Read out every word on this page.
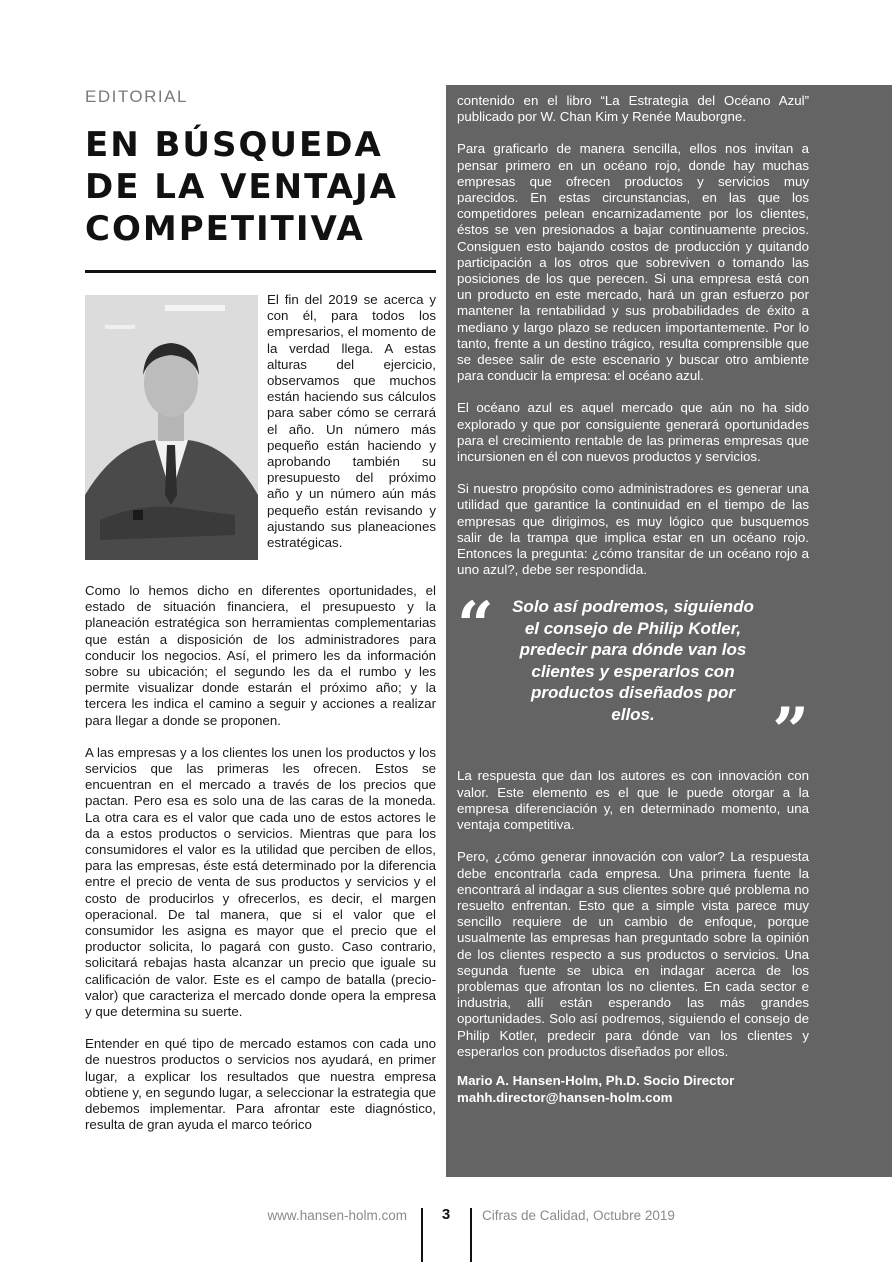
EDITORIAL
EN BÚSQUEDA
DE LA VENTAJA
COMPETITIVA

El fin del 2019 se acerca y con él, para todos los empresarios, el momento de la verdad llega. A estas alturas del ejercicio, observamos que muchos están haciendo sus cálculos para saber cómo se cerrará el año. Un número más pequeño están haciendo y aprobando también su presupuesto del próximo año y un número aún más pequeño están revisando y ajustando sus planeaciones estratégicas.

Como lo hemos dicho en diferentes oportunidades, el estado de situación financiera, el presupuesto y la planeación estratégica son herramientas complementarias que están a disposición de los administradores para conducir los negocios. Así, el primero les da información sobre su ubicación; el segundo les da el rumbo y les permite visualizar donde estarán el próximo año; y la tercera les indica el camino a seguir y acciones a realizar para llegar a donde se proponen.

A las empresas y a los clientes los unen los productos y los servicios que las primeras les ofrecen. Estos se encuentran en el mercado a través de los precios que pactan. Pero esa es solo una de las caras de la moneda. La otra cara es el valor que cada uno de estos actores le da a estos productos o servicios. Mientras que para los consumidores el valor es la utilidad que perciben de ellos, para las empresas, éste está determinado por la diferencia entre el precio de venta de sus productos y servicios y el costo de producirlos y ofrecerlos, es decir, el margen operacional. De tal manera, que si el valor que el consumidor les asigna es mayor que el precio que el productor solicita, lo pagará con gusto. Caso contrario, solicitará rebajas hasta alcanzar un precio que iguale su calificación de valor. Este es el campo de batalla (precio-valor) que caracteriza el mercado donde opera la empresa y que determina su suerte.

Entender en qué tipo de mercado estamos con cada uno de nuestros productos o servicios nos ayudará, en primer lugar, a explicar los resultados que nuestra empresa obtiene y, en segundo lugar, a seleccionar la estrategia que debemos implementar. Para afrontar este diagnóstico, resulta de gran ayuda el marco teórico

contenido en el libro “La Estrategia del Océano Azul” publicado por W. Chan Kim y Renée Mauborgne.

Para graficarlo de manera sencilla, ellos nos invitan a pensar primero en un océano rojo, donde hay muchas empresas que ofrecen productos y servicios muy parecidos. En estas circunstancias, en las que los competidores pelean encarnizadamente por los clientes, éstos se ven presionados a bajar continuamente precios. Consiguen esto bajando costos de producción y quitando participación a los otros que sobreviven o tomando las posiciones de los que perecen. Si una empresa está con un producto en este mercado, hará un gran esfuerzo por mantener la rentabilidad y sus probabilidades de éxito a mediano y largo plazo se reducen importantemente. Por lo tanto, frente a un destino trágico, resulta comprensible que se desee salir de este escenario y buscar otro ambiente para conducir la empresa: el océano azul.

El océano azul es aquel mercado que aún no ha sido explorado y que por consiguiente generará oportunidades para el crecimiento rentable de las primeras empresas que incursionen en él con nuevos productos y servicios.

Si nuestro propósito como administradores es generar una utilidad que garantice la continuidad en el tiempo de las empresas que dirigimos, es muy lógico que busquemos salir de la trampa que implica estar en un océano rojo. Entonces la pregunta: ¿cómo transitar de un océano rojo a uno azul?, debe ser respondida.

“ Solo así podremos, siguiendo el consejo de Philip Kotler, predecir para dónde van los clientes y esperarlos con productos diseñados por ellos.	”

La respuesta que dan los autores es con innovación con valor. Este elemento es el que le puede otorgar a la empresa diferenciación y, en determinado momento, una ventaja competitiva.

Pero, ¿cómo generar innovación con valor? La respuesta debe encontrarla cada empresa. Una primera fuente la encontrará al indagar a sus clientes sobre qué problema no resuelto enfrentan. Esto que a simple vista parece muy sencillo requiere de un cambio de enfoque, porque usualmente las empresas han preguntado sobre la opinión de los clientes respecto a sus productos o servicios. Una segunda fuente se ubica en indagar acerca de los problemas que afrontan los no clientes. En cada sector e industria, allí están esperando las más grandes oportunidades. Solo así podremos, siguiendo el consejo de Philip Kotler, predecir para dónde van los clientes y esperarlos con productos diseñados por ellos.

Mario A. Hansen-Holm, Ph.D. Socio Director

mahh.director@hansen-holm.com

www.hansen-holm.com	3	Cifras de Calidad, Octubre 2019
